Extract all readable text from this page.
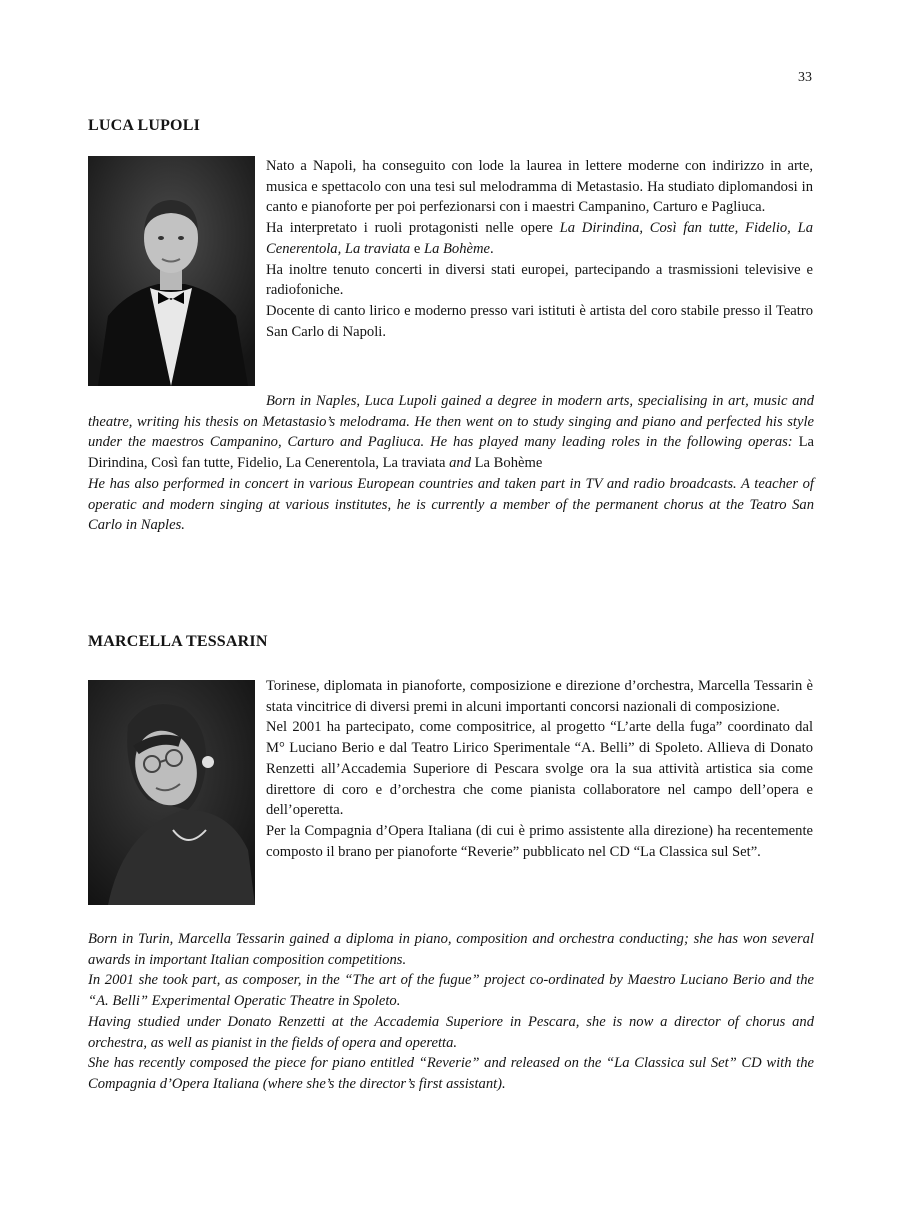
33
LUCA LUPOLI

Nato a Napoli, ha conseguito con lode la laurea in lettere moderne con indirizzo in arte, musica e spettacolo con una tesi sul melodramma di Metastasio. Ha studiato diplomandosi in canto e pianoforte per poi perfezionarsi con i maestri Campanino, Carturo e Pagliuca.

Ha interpretato i ruoli protagonisti nelle opere La Dirindina, Così fan tutte, Fidelio, La Cenerentola, La traviata e La Bohème.

Ha inoltre tenuto concerti in diversi stati europei, partecipando a trasmissioni televisive e radiofoniche.

Docente di canto lirico e moderno presso vari istituti è artista del coro stabile presso il Teatro San Carlo di Napoli.

Born in Naples, Luca Lupoli gained a degree in modern arts, specialising in art, music and theatre, writing his thesis on Metastasio’s melodrama. He then went on to study singing and piano and perfected his style under the maestros Campanino, Carturo and Pagliuca. He has played many leading roles in the following operas: La Dirindina, Così fan tutte, Fidelio, La Cenerentola, La traviata and La Bohème

He has also performed in concert in various European countries and taken part in TV and radio broadcasts. A teacher of operatic and modern singing at various institutes, he is currently a member of the permanent chorus at the Teatro San Carlo in Naples.

MARCELLA TESSARIN

Torinese, diplomata in pianoforte, composizione e direzione d’orchestra, Marcella Tessarin è stata vincitrice di diversi premi in alcuni importanti concorsi nazionali di composizione.

Nel 2001 ha partecipato, come compositrice, al progetto “L’arte della fuga” coordinato dal M° Luciano Berio e dal Teatro Lirico Sperimentale “A. Belli” di Spoleto. Allieva di Donato Renzetti all’Accademia Superiore di Pescara svolge ora la sua attività artistica sia come direttore di coro e d’orchestra che come pianista collaboratore nel campo dell’opera e dell’operetta.

Per la Compagnia d’Opera Italiana (di cui è primo assistente alla direzione) ha recentemente composto il brano per pianoforte “Reverie” pubblicato nel CD “La Classica sul Set”.

Born in Turin, Marcella Tessarin gained a diploma in piano, composition and orchestra conducting; she has won several awards in important Italian composition competitions.

In 2001 she took part, as composer, in the “The art of the fugue” project co-ordinated by Maestro Luciano Berio and the “A. Belli” Experimental Operatic Theatre in Spoleto.

Having studied under Donato Renzetti at the Accademia Superiore in Pescara, she is now a director of chorus and orchestra, as well as pianist in the fields of opera and operetta.

She has recently composed the piece for piano entitled “Reverie” and released on the “La Classica sul Set” CD with the Compagnia d’Opera Italiana (where she’s the director’s first assistant).
